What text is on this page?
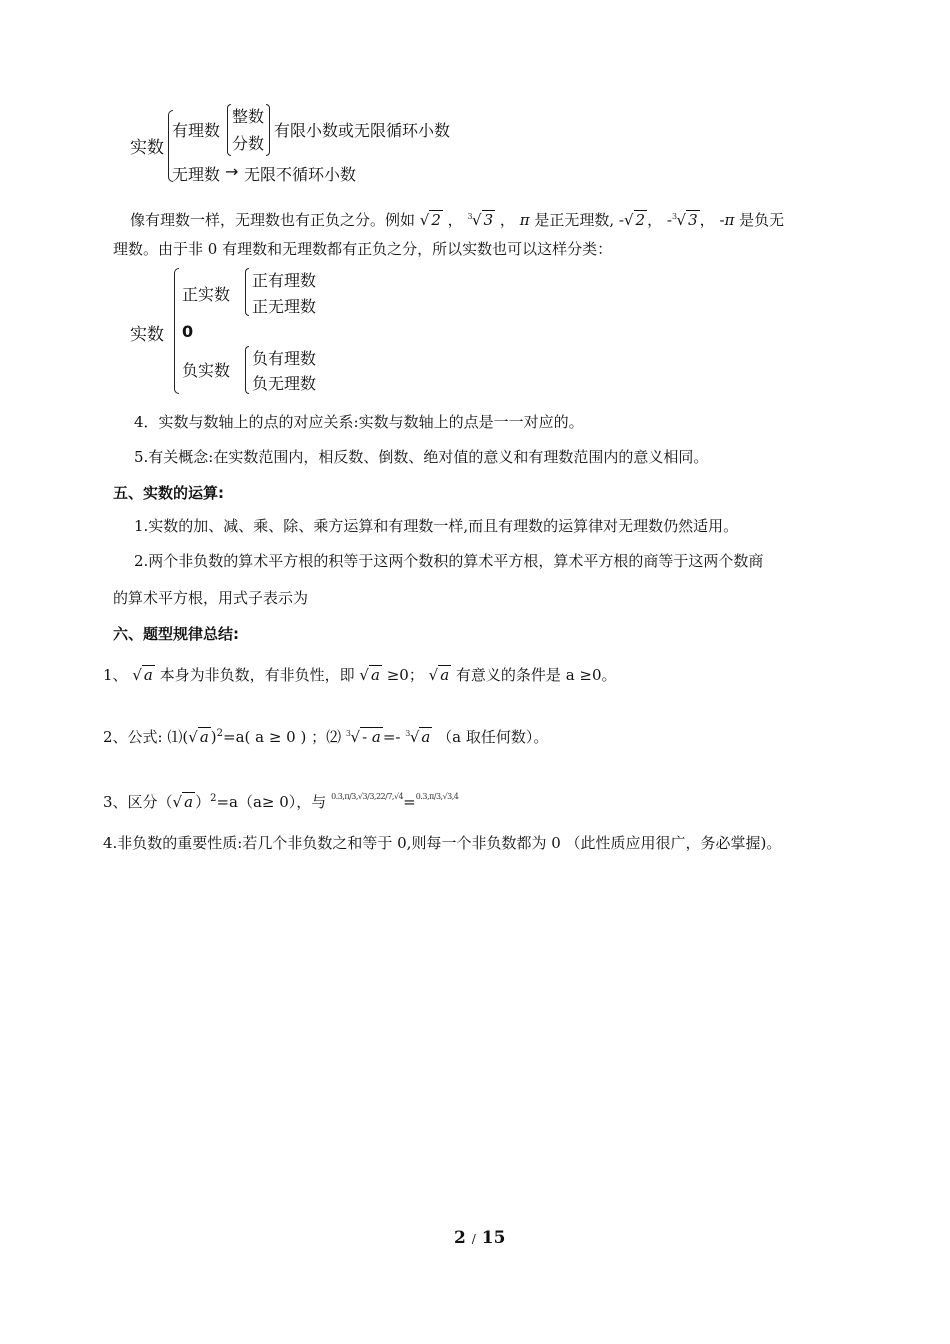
实数
有理数
整数
分数
有限小数或无限循环小数
无理数 → 无限不循环小数
像有理数一样，无理数也有正负之分。例如 √ 2 ， $^3$√ 3 ， π 是正无理数, -√ 2 ， -$^3$√ 3 ， -π 是负无
理数。由于非 0 有理数和无理数都有正负之分，所以实数也可以这样分类：
实数
正实数
正有理数
正无理数
0
负实数
负有理数
负无理数
4．实数与数轴上的点的对应关系:实数与数轴上的点是一一对应的。
5.有关概念:在实数范围内，相反数、倒数、绝对值的意义和有理数范围内的意义相同。
五、实数的运算:
1.实数的加、减、乘、除、乘方运算和有理数一样,而且有理数的运算律对无理数仍然适用。
2.两个非负数的算术平方根的积等于这两个数积的算术平方根，算术平方根的商等于这两个数商
的算术平方根，用式子表示为
六、题型规律总结:
1、 √ a 本身为非负数，有非负性，即 √ a ≥0； √ a 有意义的条件是 a ≥0。
2、公式: ⑴(√ a )$^2$=a( a ≥ 0 ) ；⑵ $^3$√ - a =- $^3$√ a （a 取任何数）。
3、区分（√ a ）$^2$=a（a≥ 0），与 $^{0.3,\pi/3,√3/3,22/7,√4}$=$^{0.3,\pi/3,√3,4}$
4.非负数的重要性质:若几个非负数之和等于 0,则每一个非负数都为 0 （此性质应用很广，务必掌握)。
2 / 15
